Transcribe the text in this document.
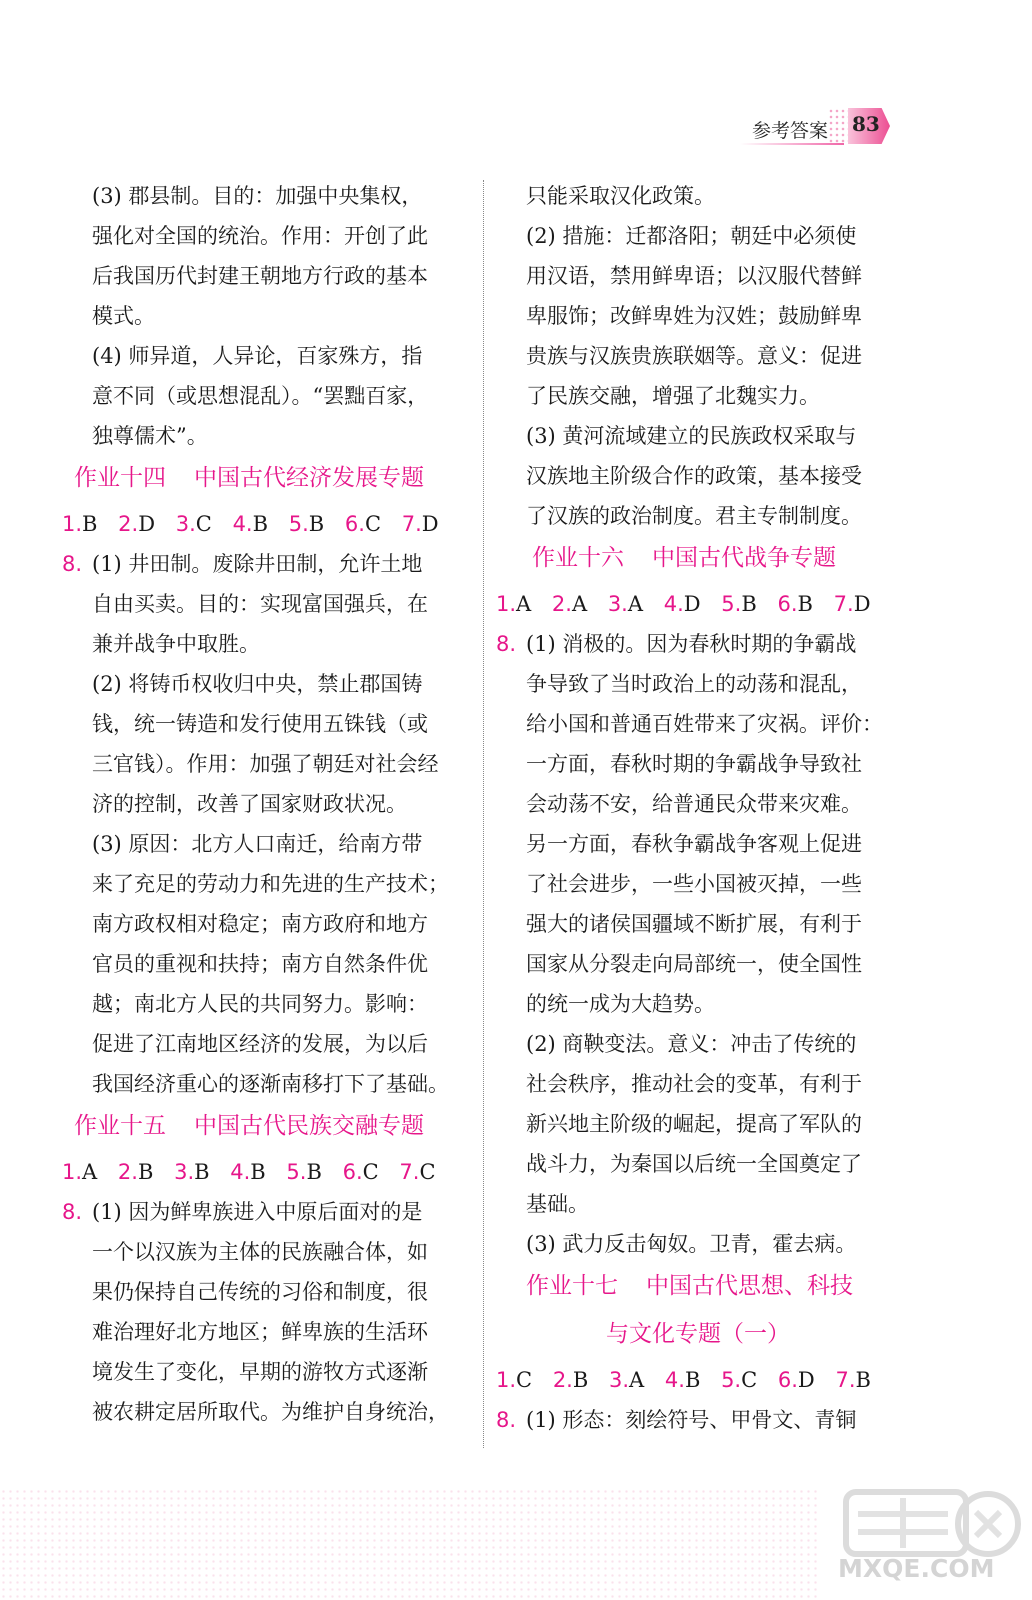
参考答案 83
(3) 郡县制。目的：加强中央集权，
强化对全国的统治。作用：开创了此
后我国历代封建王朝地方行政的基本
模式。
(4) 师异道，人异论，百家殊方，指
意不同（或思想混乱）。“罢黜百家，
独尊儒术”。
作业十四 中国古代经济发展专题
1.B 2.D 3.C 4.B 5.B 6.C 7.D
8. (1) 井田制。废除井田制，允许土地
自由买卖。目的：实现富国强兵，在
兼并战争中取胜。
(2) 将铸币权收归中央，禁止郡国铸
钱，统一铸造和发行使用五铢钱（或
三官钱）。作用：加强了朝廷对社会经
济的控制，改善了国家财政状况。
(3) 原因：北方人口南迁，给南方带
来了充足的劳动力和先进的生产技术；
南方政权相对稳定；南方政府和地方
官员的重视和扶持；南方自然条件优
越；南北方人民的共同努力。影响：
促进了江南地区经济的发展，为以后
我国经济重心的逐渐南移打下了基础。
作业十五 中国古代民族交融专题
1.A 2.B 3.B 4.B 5.B 6.C 7.C
8. (1) 因为鲜卑族进入中原后面对的是
一个以汉族为主体的民族融合体，如
果仍保持自己传统的习俗和制度，很
难治理好北方地区；鲜卑族的生活环
境发生了变化，早期的游牧方式逐渐
被农耕定居所取代。为维护自身统治，
只能采取汉化政策。
(2) 措施：迁都洛阳；朝廷中必须使
用汉语，禁用鲜卑语；以汉服代替鲜
卑服饰；改鲜卑姓为汉姓；鼓励鲜卑
贵族与汉族贵族联姻等。意义：促进
了民族交融，增强了北魏实力。
(3) 黄河流域建立的民族政权采取与
汉族地主阶级合作的政策，基本接受
了汉族的政治制度。君主专制制度。
作业十六 中国古代战争专题
1.A 2.A 3.A 4.D 5.B 6.B 7.D
8. (1) 消极的。因为春秋时期的争霸战
争导致了当时政治上的动荡和混乱，
给小国和普通百姓带来了灾祸。评价：
一方面，春秋时期的争霸战争导致社
会动荡不安，给普通民众带来灾难。
另一方面，春秋争霸战争客观上促进
了社会进步，一些小国被灭掉，一些
强大的诸侯国疆域不断扩展，有利于
国家从分裂走向局部统一，使全国性
的统一成为大趋势。
(2) 商鞅变法。意义：冲击了传统的
社会秩序，推动社会的变革，有利于
新兴地主阶级的崛起，提高了军队的
战斗力，为秦国以后统一全国奠定了
基础。
(3) 武力反击匈奴。卫青，霍去病。
作业十七 中国古代思想、科技
与文化专题（一）
1.C 2.B 3.A 4.B 5.C 6.D 7.B
8. (1) 形态：刻绘符号、甲骨文、青铜
MXQE.COM
